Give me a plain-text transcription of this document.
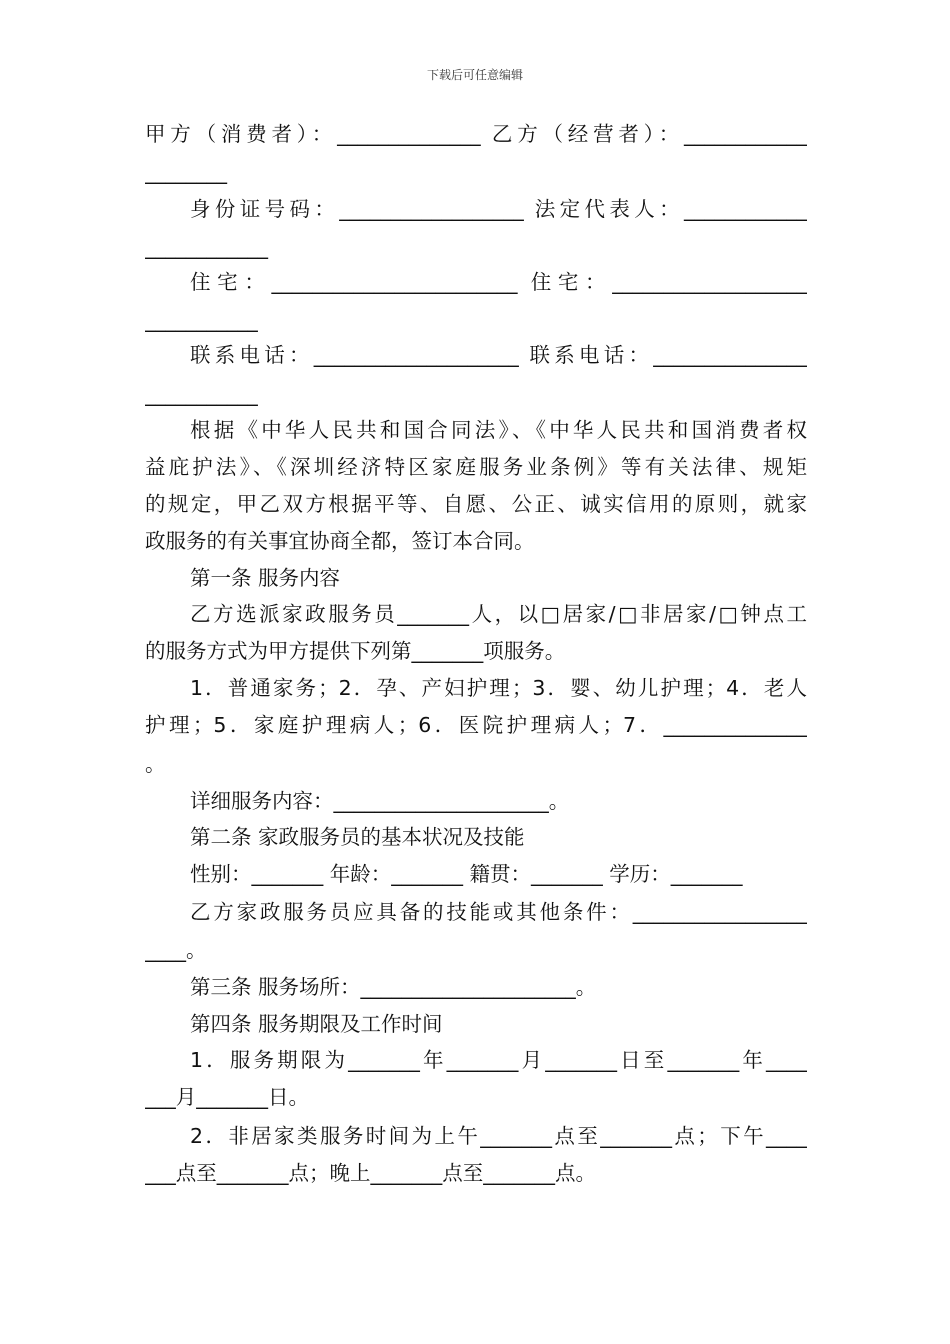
下载后可任意编辑
甲方（消费者）：______________ 乙方（经营者）：____________
________
身份证号码：__________________ 法定代表人：____________
____________
住宅：________________________ 住宅：___________________
___________
联系电话：____________________ 联系电话：_______________
___________
根据《中华人民共和国合同法》、《中华人民共和国消费者权
益庇护法》、《深圳经济特区家庭服务业条例》等有关法律、规矩
的规定，甲乙双方根据平等、自愿、公正、诚实信用的原则，就家
政服务的有关事宜协商全都，签订本合同。
第一条 服务内容
乙方选派家政服务员_______人，以□居家/□非居家/□钟点工
的服务方式为甲方提供下列第_______项服务。
1．普通家务；2．孕、产妇护理；3．婴、幼儿护理；4．老人
护理；5．家庭护理病人；6．医院护理病人；7．______________
。
详细服务内容：_____________________。
第二条 家政服务员的基本状况及技能
性别：_______ 年龄：_______ 籍贯：_______ 学历：_______
乙方家政服务员应具备的技能或其他条件：_________________
____。
第三条 服务场所：_____________________。
第四条 服务期限及工作时间
1．服务期限为_______年_______月_______日至_______年____
___月_______日。
2．非居家类服务时间为上午_______点至_______点；下午____
___点至_______点；晚上_______点至_______点。
